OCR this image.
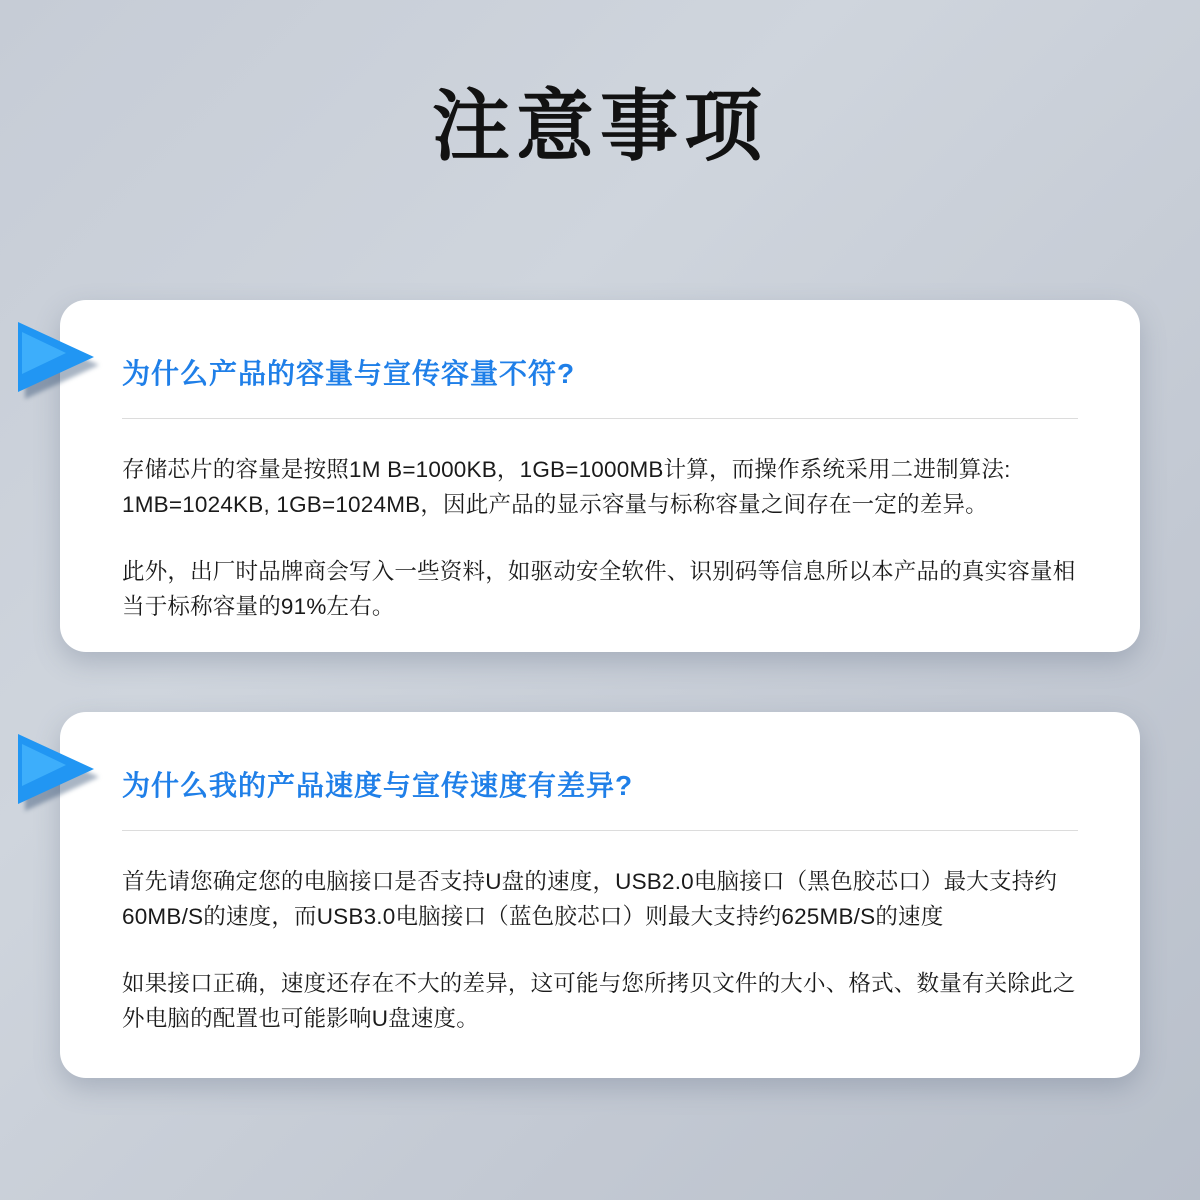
注意事项
为什么产品的容量与宣传容量不符?

存储芯片的容量是按照1M B=1000KB，1GB=1000MB计算，而操作系统采用二进制算法: 1MB=1024KB, 1GB=1024MB，因此产品的显示容量与标称容量之间存在一定的差异。

此外，出厂时品牌商会写入一些资料，如驱动安全软件、识别码等信息所以本产品的真实容量相当于标称容量的91%左右。

为什么我的产品速度与宣传速度有差异?

首先请您确定您的电脑接口是否支持U盘的速度，USB2.0电脑接口（黑色胶芯口）最大支持约60MB/S的速度，而USB3.0电脑接口（蓝色胶芯口）则最大支持约625MB/S的速度

如果接口正确，速度还存在不大的差异，这可能与您所拷贝文件的大小、格式、数量有关除此之外电脑的配置也可能影响U盘速度。
